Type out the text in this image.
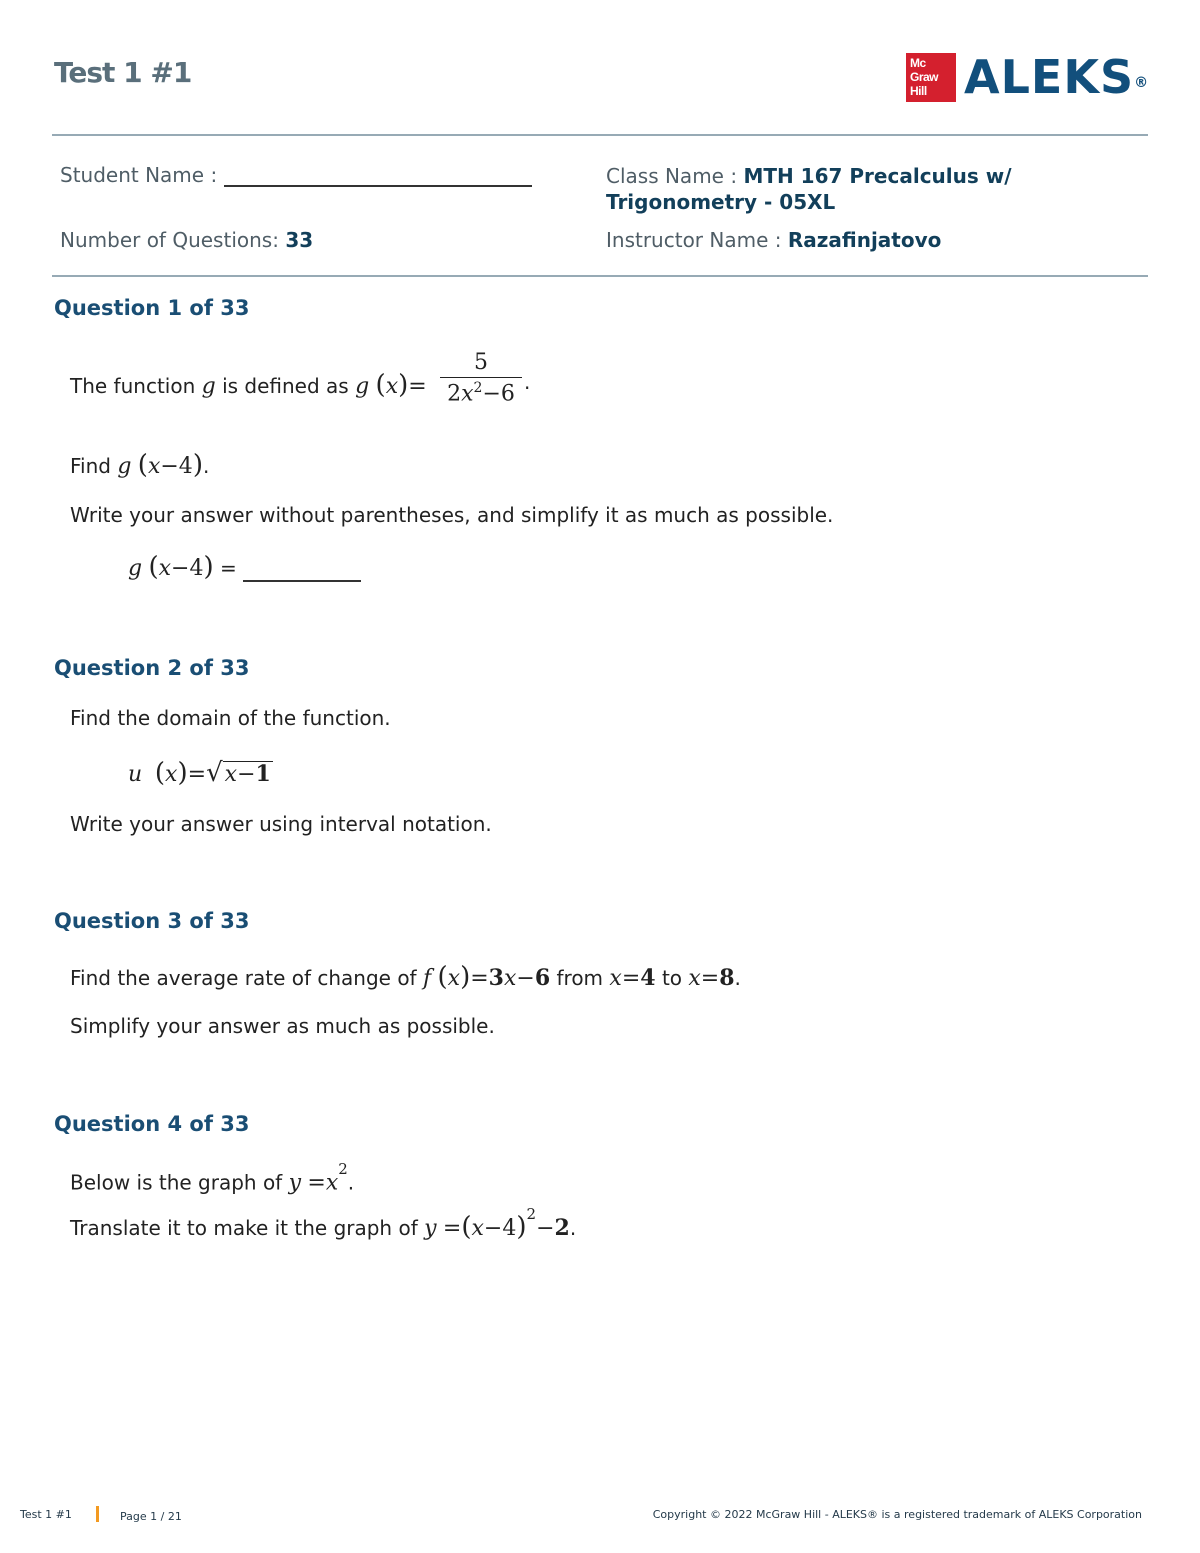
Test 1 #1	Mc
Graw
Hill ALEKS®
Student Name :	Class Name : MTH 167 Precalculus w/
Trigonometry - 05XL
Number of Questions: 33	Instructor Name : Razafinjatovo
Question 1 of 33
The function g is defined as g $(x)= \frac{5}{2x^2-6}$ .
Find g (x−4).
Write your answer without parentheses, and simplify it as much as possible.
g (x−4) =
Question 2 of 33
Find the domain of the function.
u (x)=√x−1
Write your answer using interval notation.
Question 3 of 33
Find the average rate of change of f (x)=3x−6 from x=4 to x=8.
Simplify your answer as much as possible.
Question 4 of 33
Below is the graph of $y =x^2$.
Translate it to make it the graph of $y =(x-4)^2-2$.
Test 1 #1	Page 1 / 21	Copyright © 2022 McGraw Hill - ALEKS® is a registered trademark of ALEKS Corporation
